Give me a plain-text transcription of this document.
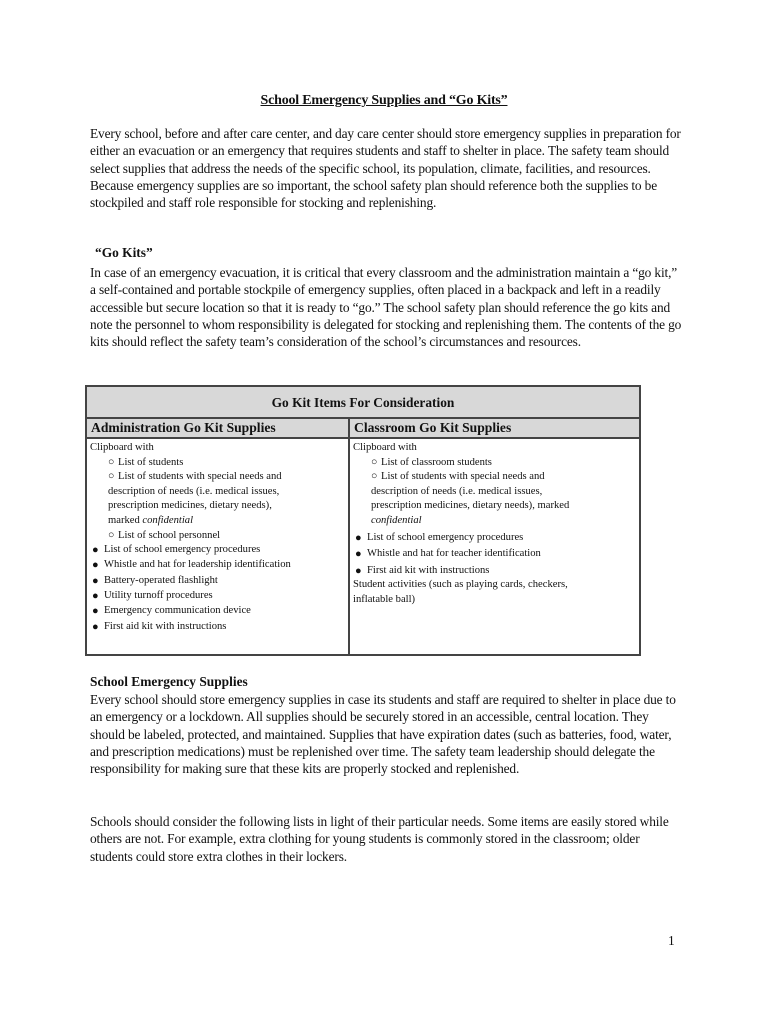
School Emergency Supplies and “Go Kits”

Every school, before and after care center, and day care center should store emergency supplies in preparation for either an evacuation or an emergency that requires students and staff to shelter in place. The safety team should select supplies that address the needs of the specific school, its population, climate, facilities, and resources. Because emergency supplies are so important, the school safety plan should reference both the supplies to be stockpiled and staff role responsible for stocking and replenishing.

“Go Kits”

In case of an emergency evacuation, it is critical that every classroom and the administration maintain a “go kit,” a self-contained and portable stockpile of emergency supplies, often placed in a backpack and left in a readily accessible but secure location so that it is ready to “go.” The school safety plan should reference the go kits and note the personnel to whom responsibility is delegated for stocking and replenishing them. The contents of the go kits should reflect the safety team’s consideration of the school’s circumstances and resources.

Go Kit Items For Consideration
Administration Go Kit Supplies	Classroom Go Kit Supplies
Clipboard with
○ List of students
○ List of students with special needs and
description of needs (i.e. medical issues,
prescription medicines, dietary needs),
marked confidential
○ List of school personnel
● List of school emergency procedures
● Whistle and hat for leadership identification
● Battery-operated flashlight
● Utility turnoff procedures
● Emergency communication device
● First aid kit with instructions
Clipboard with
○ List of classroom students
○ List of students with special needs and
description of needs (i.e. medical issues,
prescription medicines, dietary needs), marked
confidential
● List of school emergency procedures
● Whistle and hat for teacher identification
● First aid kit with instructions
Student activities (such as playing cards, checkers,
inflatable ball)

School Emergency Supplies

Every school should store emergency supplies in case its students and staff are required to shelter in place due to an emergency or a lockdown. All supplies should be securely stored in an accessible, central location. They should be labeled, protected, and maintained. Supplies that have expiration dates (such as batteries, food, water, and prescription medications) must be replenished over time. The safety team leadership should delegate the responsibility for making sure that these kits are properly stocked and replenished.

Schools should consider the following lists in light of their particular needs. Some items are easily stored while others are not. For example, extra clothing for young students is commonly stored in the classroom; older students could store extra clothes in their lockers.

1
